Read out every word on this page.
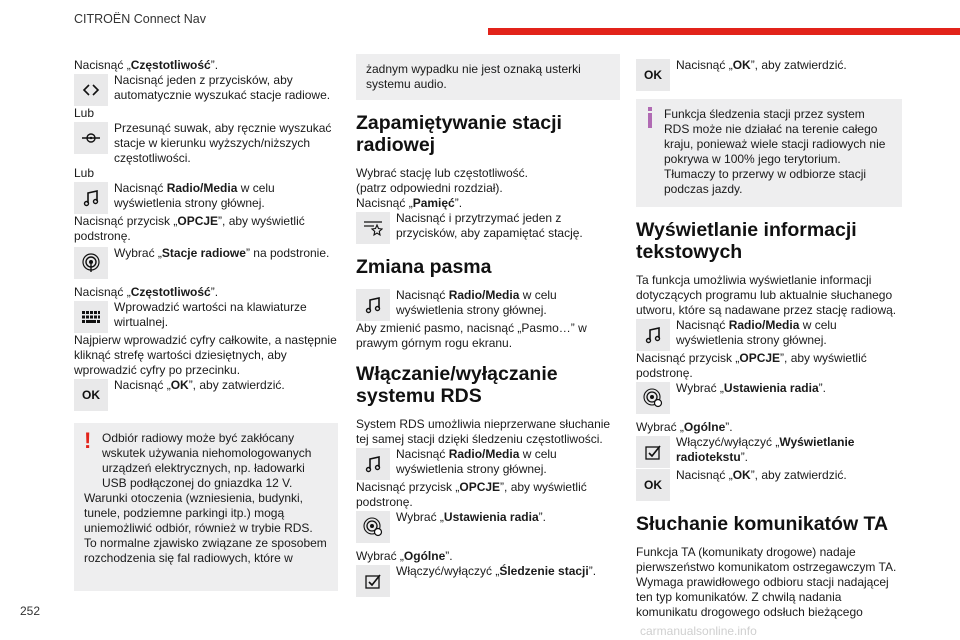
CITROËN Connect Nav

Nacisnąć „Częstotliwość”.

Nacisnąć jeden z przycisków, aby automatycznie wyszukać stacje radiowe.

Lub

Przesunąć suwak, aby ręcznie wyszukać stacje w kierunku wyższych/niższych częstotliwości.

Lub

Nacisnąć Radio/Media w celu wyświetlenia strony głównej.

Nacisnąć przycisk „OPCJE”, aby wyświetlić podstronę.

Wybrać „Stacje radiowe” na podstronie.

Nacisnąć „Częstotliwość”.

Wprowadzić wartości na klawiaturze wirtualnej.

Najpierw wprowadzić cyfry całkowite, a następnie kliknąć strefę wartości dziesiętnych, aby wprowadzić cyfry po przecinku.

OK
Nacisnąć „OK”, aby zatwierdzić.
! Odbiór radiowy może być zakłócany wskutek używania niehomologowanych urządzeń elektrycznych, np. ładowarki USB podłączonej do gniazdka 12 V.

Warunki otoczenia (wzniesienia, budynki, tunele, podziemne parkingi itp.) mogą uniemożliwić odbiór, również w trybie RDS.

To normalne zjawisko związane ze sposobem rozchodzenia się fal radiowych, które w

żadnym wypadku nie jest oznaką usterki systemu audio.
Zapamiętywanie stacji radiowej

Wybrać stację lub częstotliwość.

(patrz odpowiedni rozdział).

Nacisnąć „Pamięć”.

Nacisnąć i przytrzymać jeden z przycisków, aby zapamiętać stację.
Zmiana pasma
Nacisnąć Radio/Media w celu wyświetlenia strony głównej.

Aby zmienić pasmo, nacisnąć „Pasmo…” w prawym górnym rogu ekranu.

Włączanie/wyłączanie systemu RDS

System RDS umożliwia nieprzerwane słuchanie tej samej stacji dzięki śledzeniu częstotliwości.

Nacisnąć Radio/Media w celu wyświetlenia strony głównej.

Nacisnąć przycisk „OPCJE”, aby wyświetlić podstronę.

Wybrać „Ustawienia radia”.

Wybrać „Ogólne”.

Włączyć/wyłączyć „Śledzenie stacji”.
OK
Nacisnąć „OK”, aby zatwierdzić.
Funkcja śledzenia stacji przez system RDS może nie działać na terenie całego kraju, ponieważ wiele stacji radiowych nie pokrywa w 100% jego terytorium. Tłumaczy to przerwy w odbiorze stacji podczas jazdy.
Wyświetlanie informacji tekstowych

Ta funkcja umożliwia wyświetlanie informacji dotyczących programu lub aktualnie słuchanego utworu, które są nadawane przez stację radiową.

Nacisnąć Radio/Media w celu wyświetlenia strony głównej.

Nacisnąć przycisk „OPCJE”, aby wyświetlić podstronę.

Wybrać „Ustawienia radia”.

Wybrać „Ogólne”.

Włączyć/wyłączyć „Wyświetlanie radiotekstu”.
OK
Nacisnąć „OK”, aby zatwierdzić.
Słuchanie komunikatów TA

Funkcja TA (komunikaty drogowe) nadaje pierwszeństwo komunikatom ostrzegawczym TA. Wymaga prawidłowego odbioru stacji nadającej ten typ komunikatów. Z chwilą nadania komunikatu drogowego odsłuch bieżącego

252
carmanualsonline.info
